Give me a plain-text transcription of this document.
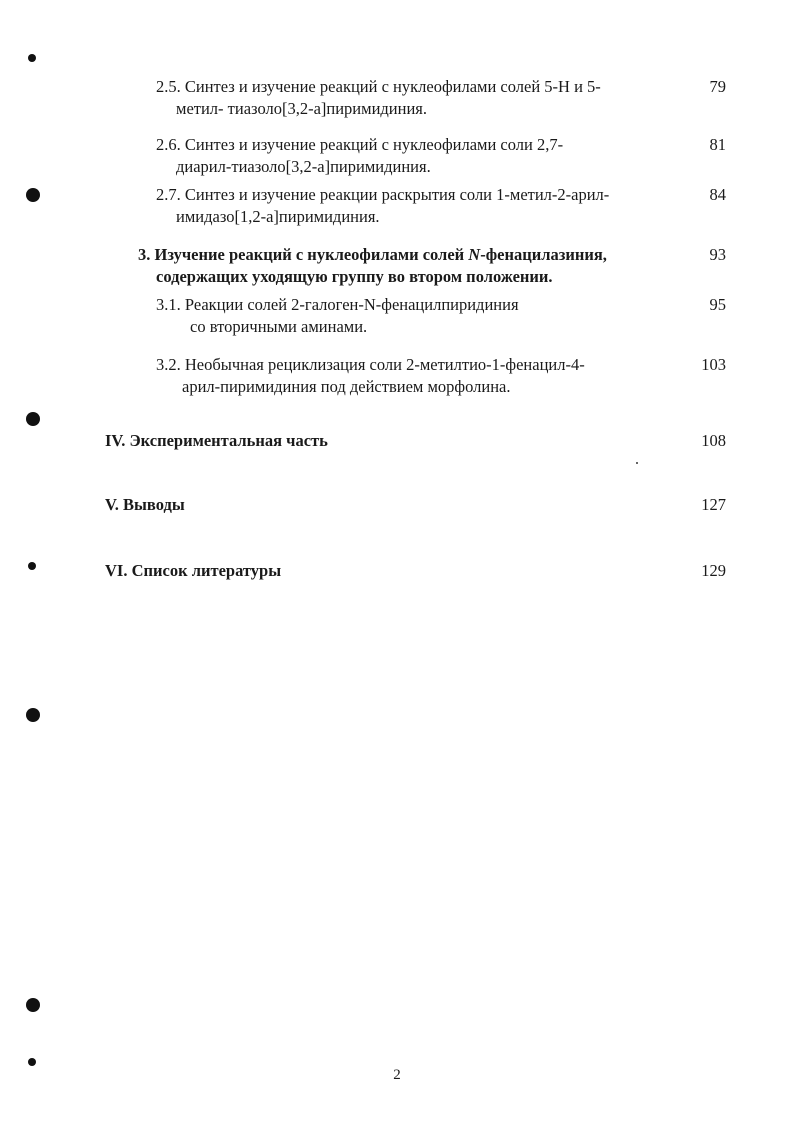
2.5. Синтез и изучение реакций с нуклеофилами солей 5-Н и 5-
метил- тиазоло[3,2-а]пиримидиния.
79
2.6. Синтез и изучение реакций с нуклеофилами соли 2,7-
диарил-тиазоло[3,2-а]пиримидиния.
81
2.7. Синтез и изучение реакции раскрытия соли 1-метил-2-арил-
имидазо[1,2-а]пиримидиния.
84
3. Изучение реакций с нуклеофилами солей N-фенацилазиния,
содержащих уходящую группу во втором положении.
93
3.1. Реакции солей 2-галоген-N-фенацилпиридиния
со вторичными аминами.
95
3.2. Необычная рециклизация соли 2-метилтио-1-фенацил-4-
арил-пиримидиния под действием морфолина.
103
IV. Экспериментальная часть	108
V. Выводы	127
VI. Список литературы	129
2
